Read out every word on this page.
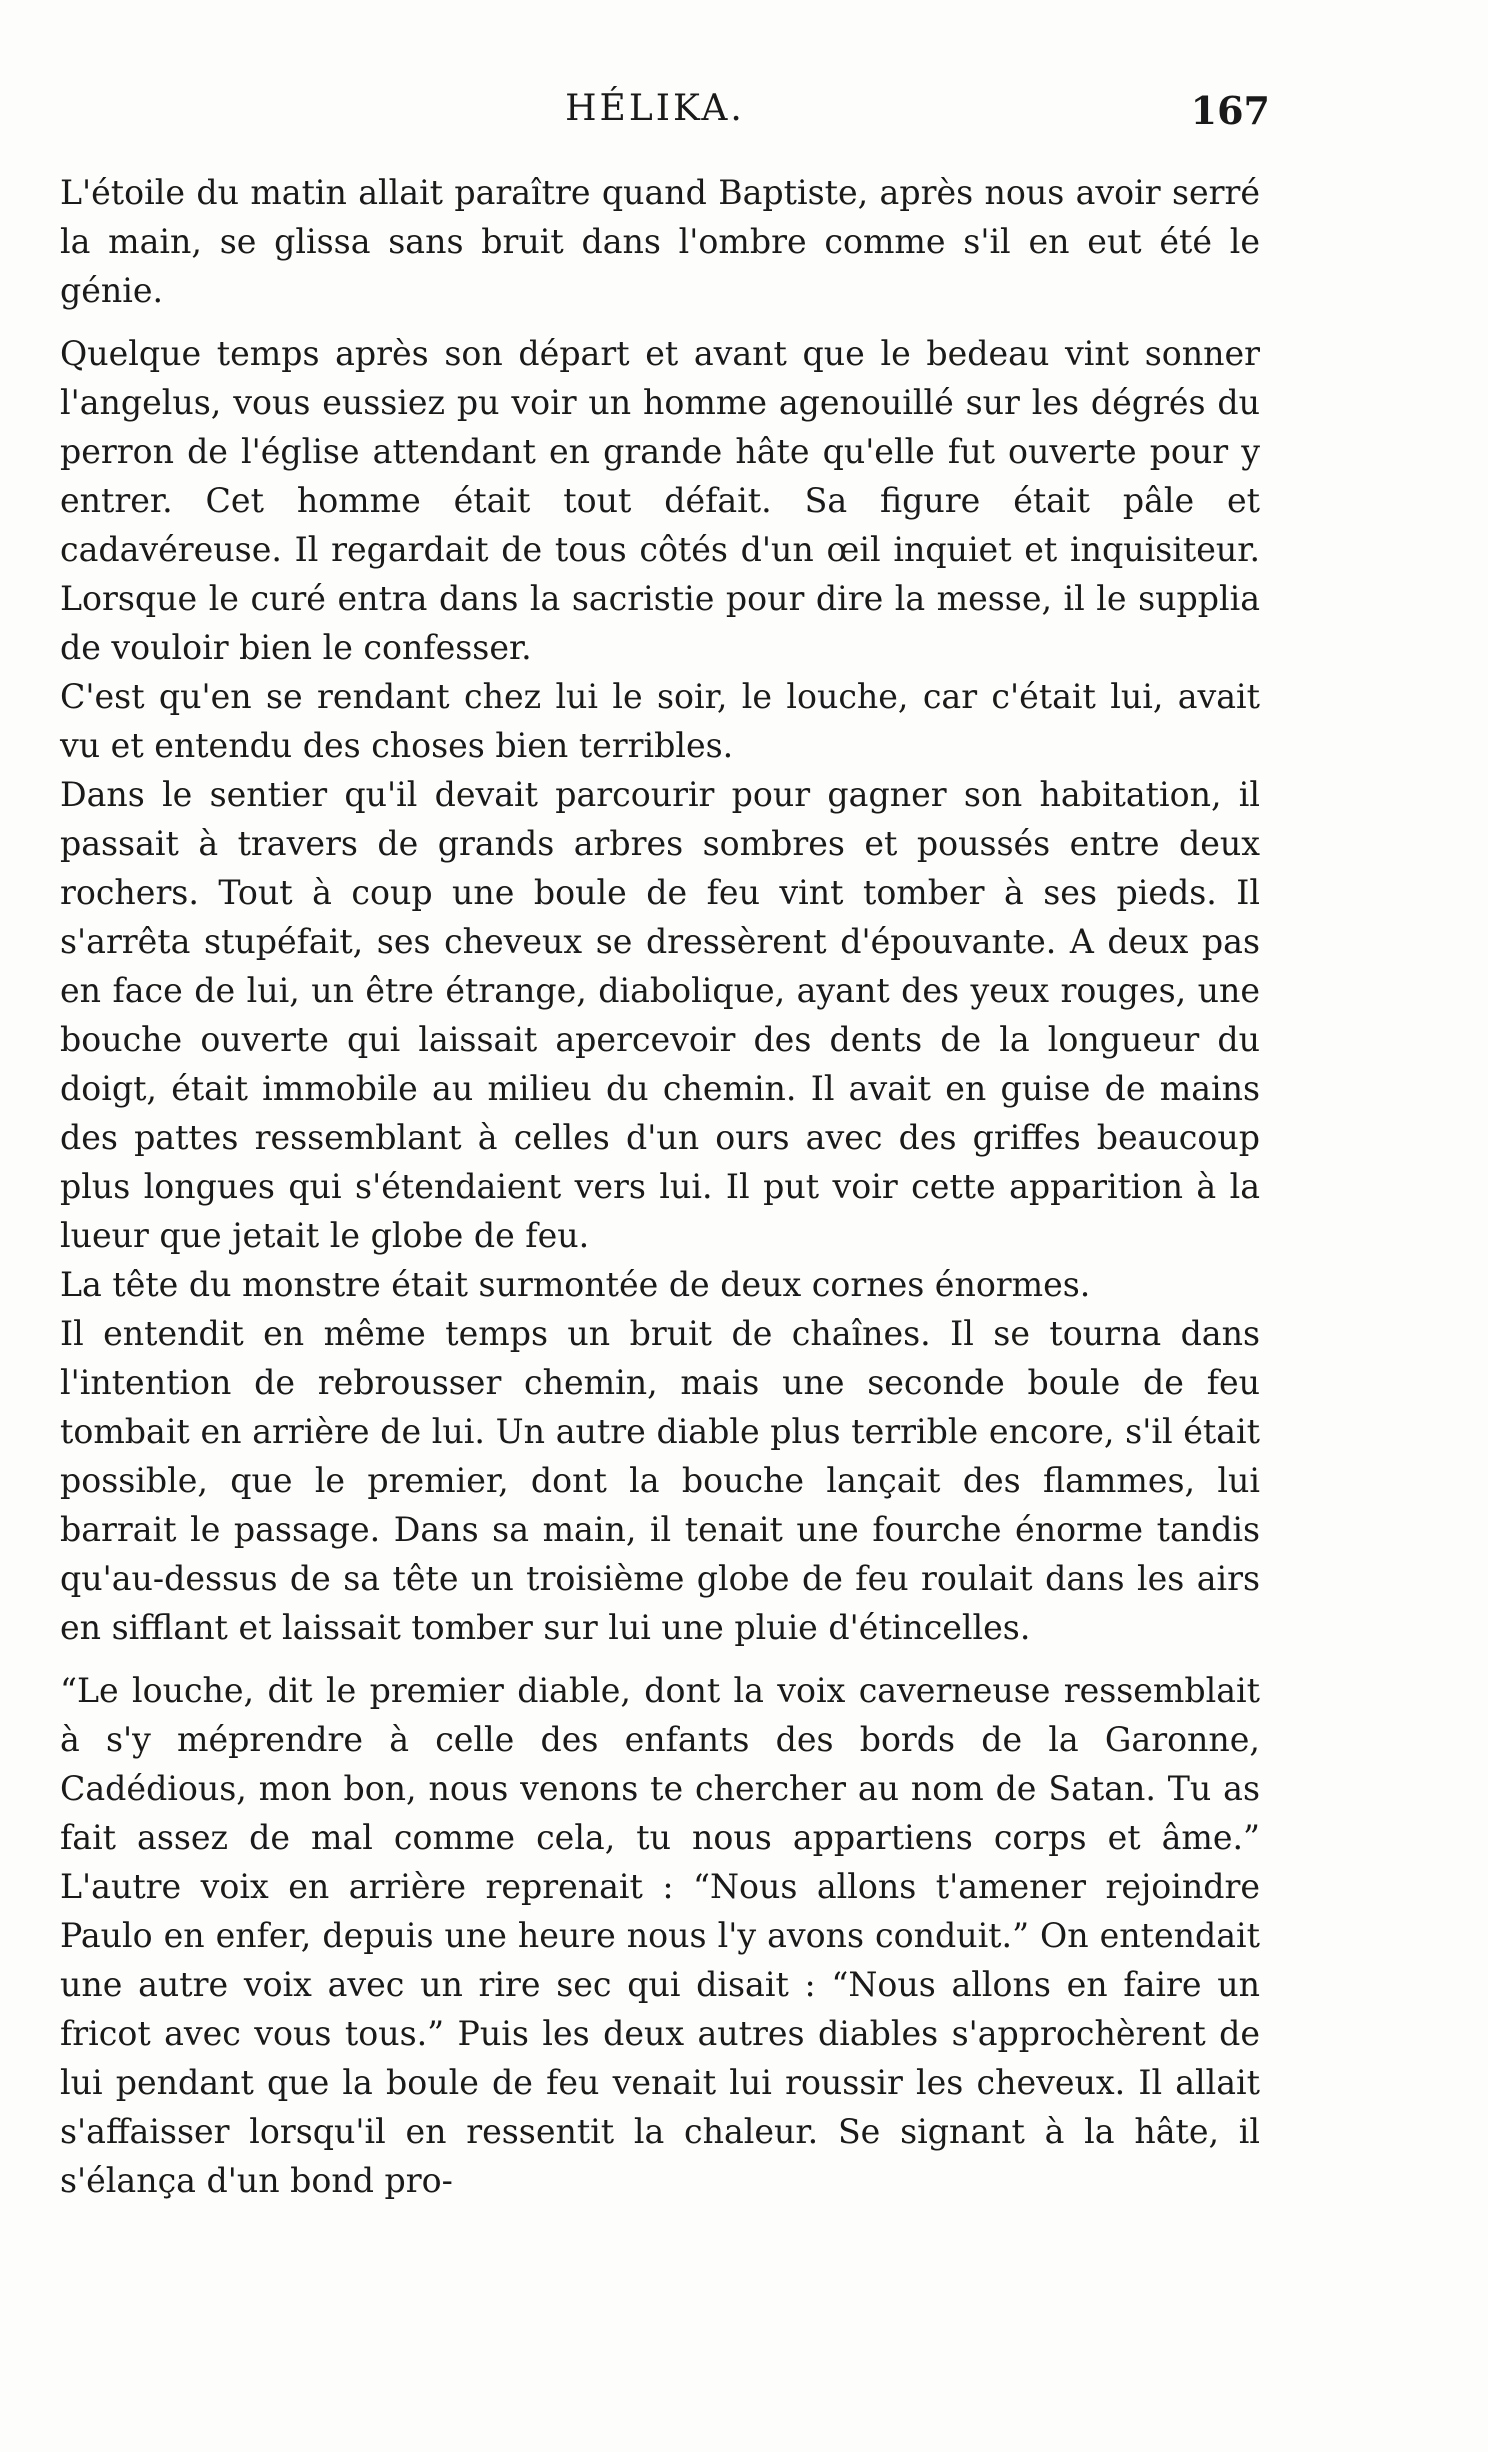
HÉLIKA.	167

L'étoile du matin allait paraître quand Baptiste, après nous avoir serré la main, se glissa sans bruit dans l'ombre comme s'il en eut été le génie.

Quelque temps après son départ et avant que le bedeau vint sonner l'angelus, vous eussiez pu voir un homme agenouillé sur les dégrés du perron de l'église attendant en grande hâte qu'elle fut ouverte pour y entrer. Cet homme était tout défait. Sa figure était pâle et cadavéreuse. Il regardait de tous côtés d'un œil inquiet et inquisiteur. Lorsque le curé entra dans la sacristie pour dire la messe, il le supplia de vouloir bien le confesser.

C'est qu'en se rendant chez lui le soir, le louche, car c'était lui, avait vu et entendu des choses bien terribles.

Dans le sentier qu'il devait parcourir pour gagner son habitation, il passait à travers de grands arbres sombres et poussés entre deux rochers. Tout à coup une boule de feu vint tomber à ses pieds. Il s'arrêta stupéfait, ses cheveux se dressèrent d'épouvante. A deux pas en face de lui, un être étrange, diabolique, ayant des yeux rouges, une bouche ouverte qui laissait apercevoir des dents de la longueur du doigt, était immobile au milieu du chemin. Il avait en guise de mains des pattes ressemblant à celles d'un ours avec des griffes beaucoup plus longues qui s'étendaient vers lui. Il put voir cette apparition à la lueur que jetait le globe de feu.

La tête du monstre était surmontée de deux cornes énormes.

Il entendit en même temps un bruit de chaînes. Il se tourna dans l'intention de rebrousser chemin, mais une seconde boule de feu tombait en arrière de lui. Un autre diable plus terrible encore, s'il était possible, que le premier, dont la bouche lançait des flammes, lui barrait le passage. Dans sa main, il tenait une fourche énorme tandis qu'au-dessus de sa tête un troisième globe de feu roulait dans les airs en sifflant et laissait tomber sur lui une pluie d'étincelles.

“Le louche, dit le premier diable, dont la voix caverneuse ressemblait à s'y méprendre à celle des enfants des bords de la Garonne, Cadédious, mon bon, nous venons te chercher au nom de Satan. Tu as fait assez de mal comme cela, tu nous appartiens corps et âme.” L'autre voix en arrière reprenait : “Nous allons t'amener rejoindre Paulo en enfer, depuis une heure nous l'y avons conduit.” On entendait une autre voix avec un rire sec qui disait : “Nous allons en faire un fricot avec vous tous.” Puis les deux autres diables s'approchèrent de lui pendant que la boule de feu venait lui roussir les cheveux. Il allait s'affaisser lorsqu'il en ressentit la chaleur. Se signant à la hâte, il s'élança d'un bond pro-
